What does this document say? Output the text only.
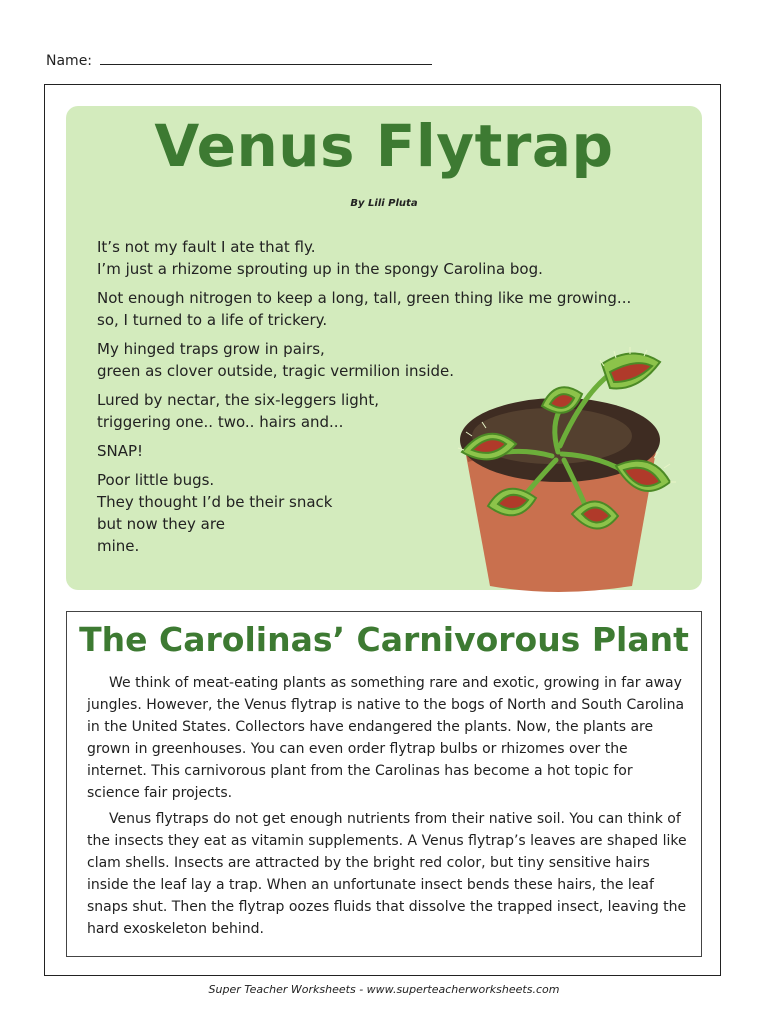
Name:
Venus Flytrap
By Lili Pluta
It’s not my fault I ate that fly.
I’m just a rhizome sprouting up in the spongy Carolina bog.
Not enough nitrogen to keep a long, tall, green thing like me growing...
so, I turned to a life of trickery.
My hinged traps grow in pairs,
green as clover outside, tragic vermilion inside.
Lured by nectar, the six-leggers light,
triggering one.. two.. hairs and...
SNAP!
Poor little bugs.
They thought I’d be their snack
but now they are
mine.
The Carolinas’ Carnivorous Plant

We think of meat-eating plants as something rare and exotic, growing in far away jungles. However, the Venus flytrap is native to the bogs of North and South Carolina in the United States. Collectors have endangered the plants. Now, the plants are grown in greenhouses. You can even order flytrap bulbs or rhizomes over the internet. This carnivorous plant from the Carolinas has become a hot topic for science fair projects.

Venus flytraps do not get enough nutrients from their native soil. You can think of the insects they eat as vitamin supplements. A Venus flytrap’s leaves are shaped like clam shells. Insects are attracted by the bright red color, but tiny sensitive hairs inside the leaf lay a trap. When an unfortunate insect bends these hairs, the leaf snaps shut. Then the flytrap oozes fluids that dissolve the trapped insect, leaving the hard exoskeleton behind.

Super Teacher Worksheets - www.superteacherworksheets.com
